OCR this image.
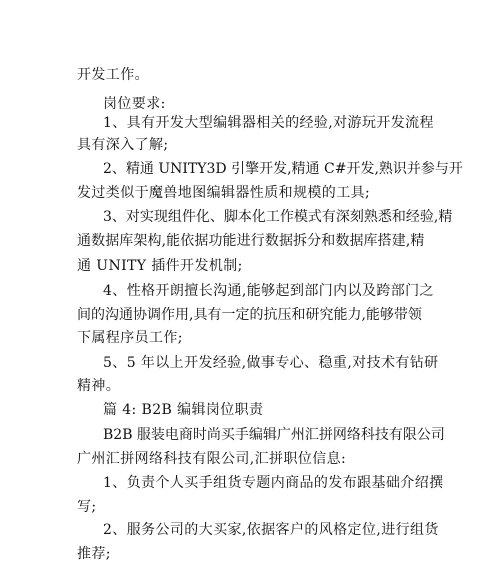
开发工作。
岗位要求:
1、具有开发大型编辑器相关的经验,对游玩开发流程
具有深入了解;
2、精通 UNITY3D 引擎开发,精通 C#开发,熟识并参与开
发过类似于魔兽地图编辑器性质和规模的工具;
3、对实现组件化、脚本化工作模式有深刻熟悉和经验,精
通数据库架构,能依据功能进行数据拆分和数据库搭建,精
通 UNITY 插件开发机制;
4、性格开朗擅长沟通,能够起到部门内以及跨部门之
间的沟通协调作用,具有一定的抗压和研究能力,能够带领
下属程序员工作;
5、5 年以上开发经验,做事专心、稳重,对技术有钻研
精神。
篇 4: B2B 编辑岗位职责
B2B 服装电商时尚买手编辑广州汇拼网络科技有限公司
广州汇拼网络科技有限公司,汇拼职位信息:
1、负责个人买手组货专题内商品的发布跟基础介绍撰
写;
2、服务公司的大买家,依据客户的风格定位,进行组货
推荐;
